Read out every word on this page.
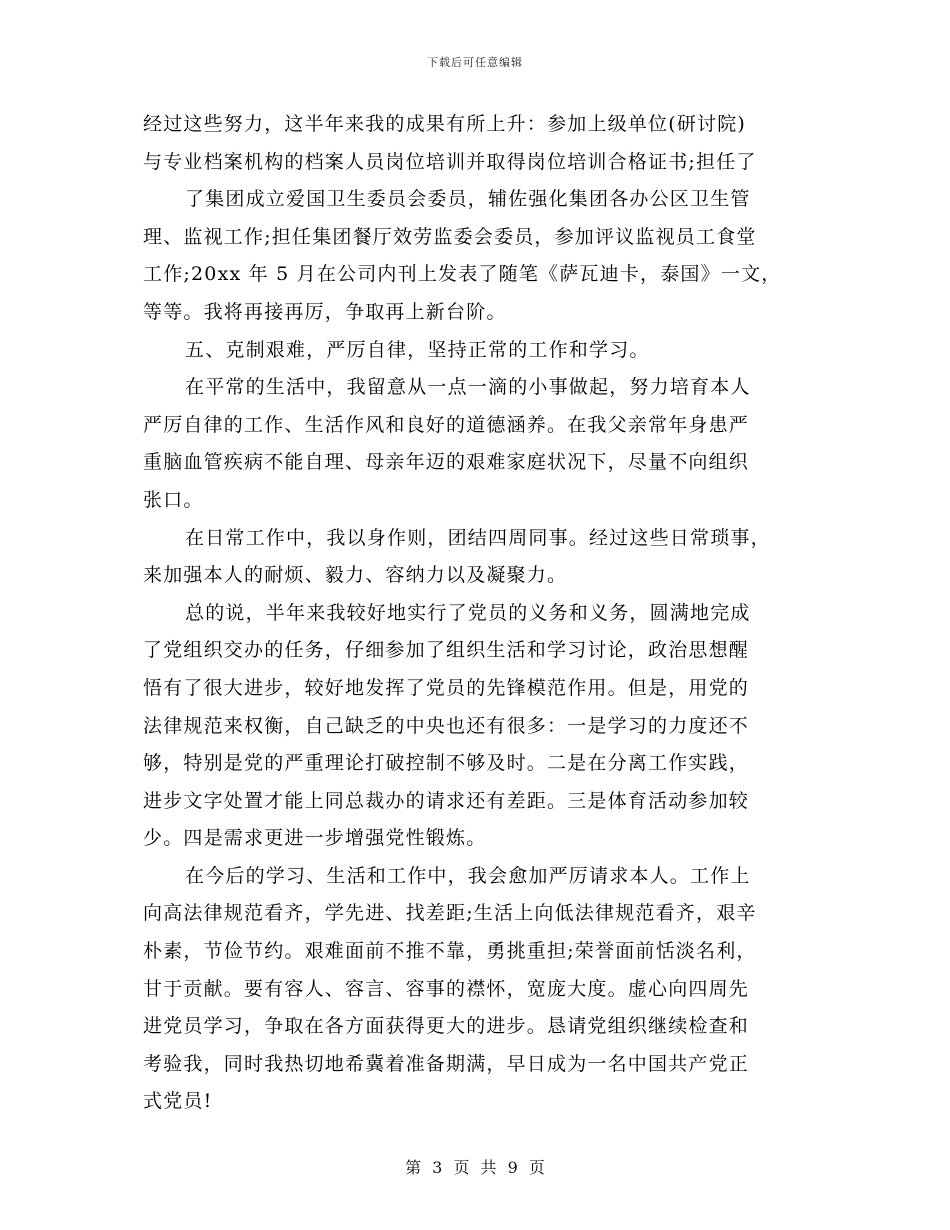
下载后可任意编辑
经过这些努力，这半年来我的成果有所上升：参加上级单位(研讨院)
与专业档案机构的档案人员岗位培训并取得岗位培训合格证书;担任了
了集团成立爱国卫生委员会委员，辅佐强化集团各办公区卫生管
理、监视工作;担任集团餐厅效劳监委会委员，参加评议监视员工食堂
工作;20xx 年 5 月在公司内刊上发表了随笔《萨瓦迪卡，泰国》一文，
等等。我将再接再厉，争取再上新台阶。
五、克制艰难，严厉自律，坚持正常的工作和学习。
在平常的生活中，我留意从一点一滴的小事做起，努力培育本人
严厉自律的工作、生活作风和良好的道德涵养。在我父亲常年身患严
重脑血管疾病不能自理、母亲年迈的艰难家庭状况下，尽量不向组织
张口。
在日常工作中，我以身作则，团结四周同事。经过这些日常琐事，
来加强本人的耐烦、毅力、容纳力以及凝聚力。
总的说，半年来我较好地实行了党员的义务和义务，圆满地完成
了党组织交办的任务，仔细参加了组织生活和学习讨论，政治思想醒
悟有了很大进步，较好地发挥了党员的先锋模范作用。但是，用党的
法律规范来权衡，自己缺乏的中央也还有很多：一是学习的力度还不
够，特别是党的严重理论打破控制不够及时。二是在分离工作实践，
进步文字处置才能上同总裁办的请求还有差距。三是体育活动参加较
少。四是需求更进一步增强党性锻炼。
在今后的学习、生活和工作中，我会愈加严厉请求本人。工作上
向高法律规范看齐，学先进、找差距;生活上向低法律规范看齐，艰辛
朴素，节俭节约。艰难面前不推不靠，勇挑重担;荣誉面前恬淡名利，
甘于贡献。要有容人、容言、容事的襟怀，宽庞大度。虚心向四周先
进党员学习，争取在各方面获得更大的进步。恳请党组织继续检查和
考验我，同时我热切地希冀着准备期满，早日成为一名中国共产党正
式党员!
第 3 页 共 9 页
